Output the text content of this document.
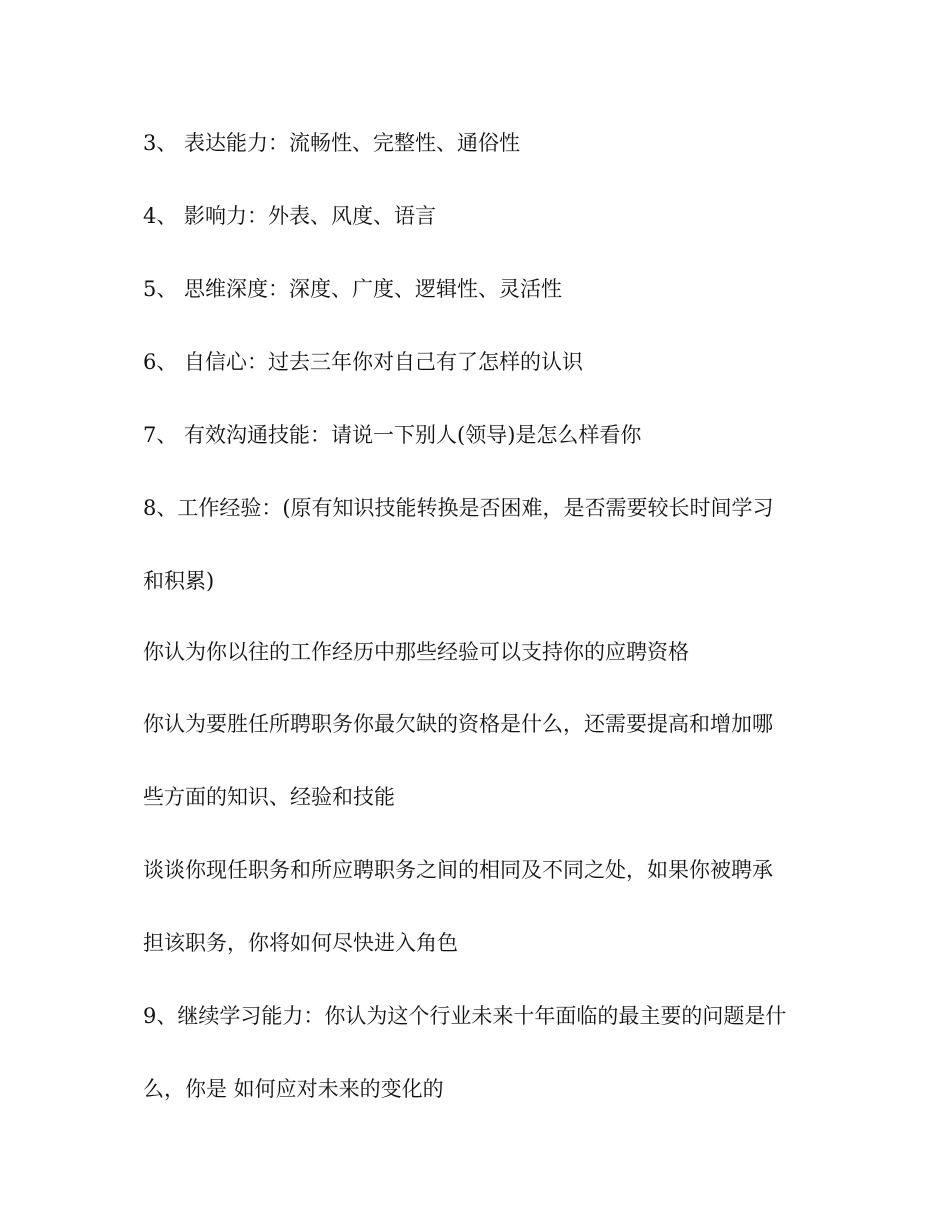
3、 表达能力：流畅性、完整性、通俗性
4、 影响力：外表、风度、语言
5、 思维深度：深度、广度、逻辑性、灵活性
6、 自信心：过去三年你对自己有了怎样的认识
7、 有效沟通技能：请说一下别人(领导)是怎么样看你
8、工作经验：(原有知识技能转换是否困难，是否需要较长时间学习
和积累)
你认为你以往的工作经历中那些经验可以支持你的应聘资格
你认为要胜任所聘职务你最欠缺的资格是什么，还需要提高和增加哪
些方面的知识、经验和技能
谈谈你现任职务和所应聘职务之间的相同及不同之处，如果你被聘承
担该职务，你将如何尽快进入角色
9、继续学习能力：你认为这个行业未来十年面临的最主要的问题是什
么，你是 如何应对未来的变化的
